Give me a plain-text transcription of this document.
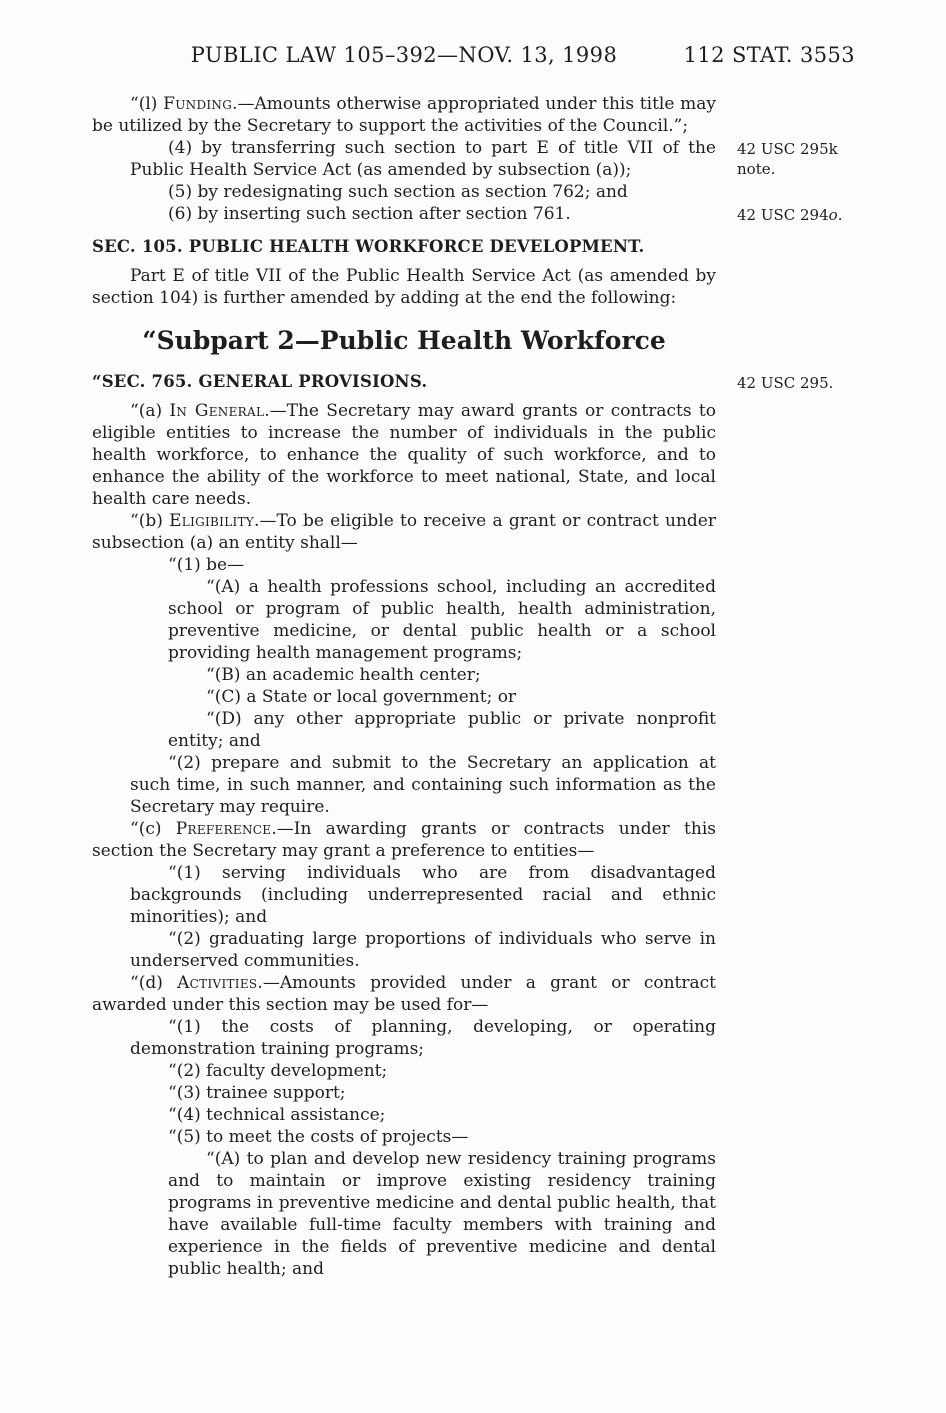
PUBLIC LAW 105–392—NOV. 13, 1998	112 STAT. 3553

“(l) Funding.—Amounts otherwise appropriated under this title may be utilized by the Secretary to support the activities of the Council.”;

(4) by transferring such section to part E of title VII of the Public Health Service Act (as amended by subsection (a));

42 USC 295k note.

(5) by redesignating such section as section 762; and

(6) by inserting such section after section 761.	42 USC 294o.

SEC. 105. PUBLIC HEALTH WORKFORCE DEVELOPMENT.

Part E of title VII of the Public Health Service Act (as amended by section 104) is further amended by adding at the end the following:

“Subpart 2—Public Health Workforce

“SEC. 765. GENERAL PROVISIONS.	42 USC 295.

“(a) In General.—The Secretary may award grants or contracts to eligible entities to increase the number of individuals in the public health workforce, to enhance the quality of such workforce, and to enhance the ability of the workforce to meet national, State, and local health care needs.

“(b) Eligibility.—To be eligible to receive a grant or contract under subsection (a) an entity shall—

“(1) be—

“(A) a health professions school, including an accredited school or program of public health, health administration, preventive medicine, or dental public health or a school providing health management programs;

“(B) an academic health center;

“(C) a State or local government; or

“(D) any other appropriate public or private nonprofit entity; and

“(2) prepare and submit to the Secretary an application at such time, in such manner, and containing such information as the Secretary may require.

“(c) Preference.—In awarding grants or contracts under this section the Secretary may grant a preference to entities—

“(1) serving individuals who are from disadvantaged backgrounds (including underrepresented racial and ethnic minorities); and

“(2) graduating large proportions of individuals who serve in underserved communities.

“(d) Activities.—Amounts provided under a grant or contract awarded under this section may be used for—

“(1) the costs of planning, developing, or operating demonstration training programs;

“(2) faculty development;

“(3) trainee support;

“(4) technical assistance;

“(5) to meet the costs of projects—

“(A) to plan and develop new residency training programs and to maintain or improve existing residency training programs in preventive medicine and dental public health, that have available full-time faculty members with training and experience in the fields of preventive medicine and dental public health; and
